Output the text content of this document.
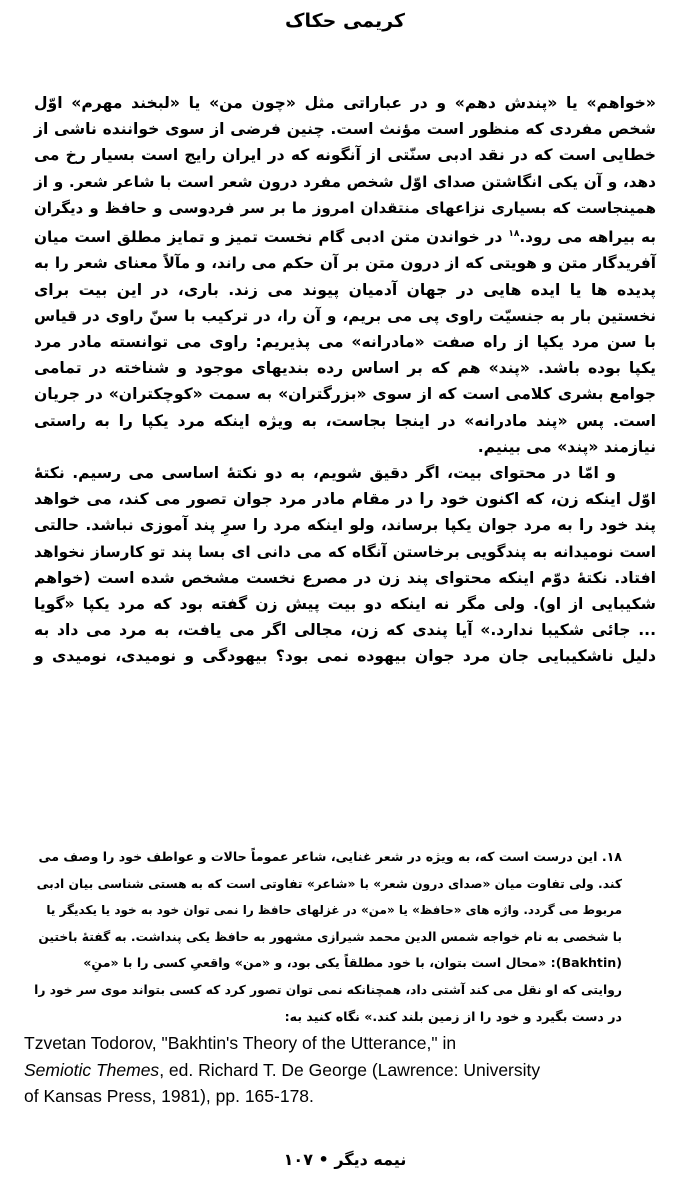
کریمی حکاک

«خواهم» یا «پندش دهم» و در عباراتی مثل «چون من» یا «لبخند مهرم» اوّل
شخص مفردی که منظور است مؤنث است. چنین فرضی از سوی خواننده ناشی از
خطایی است که در نقد ادبی سنّتی از آنگونه که در ایران رایج است بسیار رخ می
دهد، و آن یکی انگاشتن صدای اوّل شخص مفرد درون شعر است با شاعر شعر. و از
همینجاست که بسیاری نزاعهای منتقدان امروز ما بر سر فردوسی و حافظ و دیگران
به بیراهه می رود.$^{۱۸}$ در خواندن متن ادبی گام نخست تمیز و تمایز مطلق است میان
آفریدگار متن و هویتی که از درون متن بر آن حکم می راند، و مآلاً معنای شعر را به
پدیده ها یا ایده هایی در جهان آدمیان پیوند می زند. باری، در این بیت برای
نخستین بار به جنسیّت راوی پی می بریم، و آن را، در ترکیب با سنّ راوی در قیاس
با سن مرد یکپا از راه صفت «مادرانه» می پذیریم: راوی می توانسته مادر مرد
یکپا بوده باشد. «پند» هم که بر اساس رده بندیهای موجود و شناخته در تمامی
جوامع بشری کلامی است که از سوی «بزرگتران» به سمت «کوچکتران» در جریان
است. پس «پند مادرانه» در اینجا بجاست، به ویژه اینکه مرد یکپا را به راستی
نیازمند «پند» می بینیم.

و امّا در محتوای بیت، اگر دقیق شویم، به دو نکتهٔ اساسی می رسیم. نکتهٔ
اوّل اینکه زن، که اکنون خود را در مقام مادر مرد جوان تصور می کند، می خواهد
پند خود را به مرد جوان یکپا برساند، ولو اینکه مرد را سرِ پند آموزی نباشد. حالتی
است نومیدانه به پندگویی برخاستن آنگاه که می دانی ای بسا پند تو کارساز نخواهد
افتاد. نکتهٔ دوّم اینکه محتوای پند زن در مصرع نخست مشخص شده است (خواهم
شکیبایی از او). ولی مگر نه اینکه دو بیت پیش زن گفته بود که مرد یکپا «گویا
... جائی شکیبا ندارد.» آیا پندی که زن، مجالی اگر می یافت، به مرد می داد به
دلیل ناشکیبایی جان مرد جوان بیهوده نمی بود؟ بیهودگی و نومیدی، نومیدی و

۱۸. این درست است که، به ویژه در شعر غنایی، شاعر عموماً حالات و عواطف خود را وصف می
کند. ولی تفاوت میان «صدای درون شعر» با «شاعر» تفاوتی است که به هستی شناسی بیان ادبی
مربوط می گردد. واژه های «حافظ» یا «من» در غزلهای حافظ را نمی توان خود به خود یا یکدیگر یا
با شخصی به نام خواجه شمس الدین محمد شیرازی مشهور به حافظ یکی پنداشت. به گفتهٔ باختین
(Bakhtin): «محال است بتوان، با خود مطلقاً یکی بود، و «من» واقعیِ کسی را با «منِ»
روایتی که او نقل می کند آشتی داد، همچنانکه نمی توان تصور کرد که کسی بتواند موی سر خود را
در دست بگیرد و خود را از زمین بلند کند.» نگاه کنید به:
Tzvetan Todorov, "Bakhtin's Theory of the Utterance," in
Semiotic Themes, ed. Richard T. De George (Lawrence: University
of Kansas Press, 1981), pp. 165-178.
نیمه دیگر • ۱۰۷
